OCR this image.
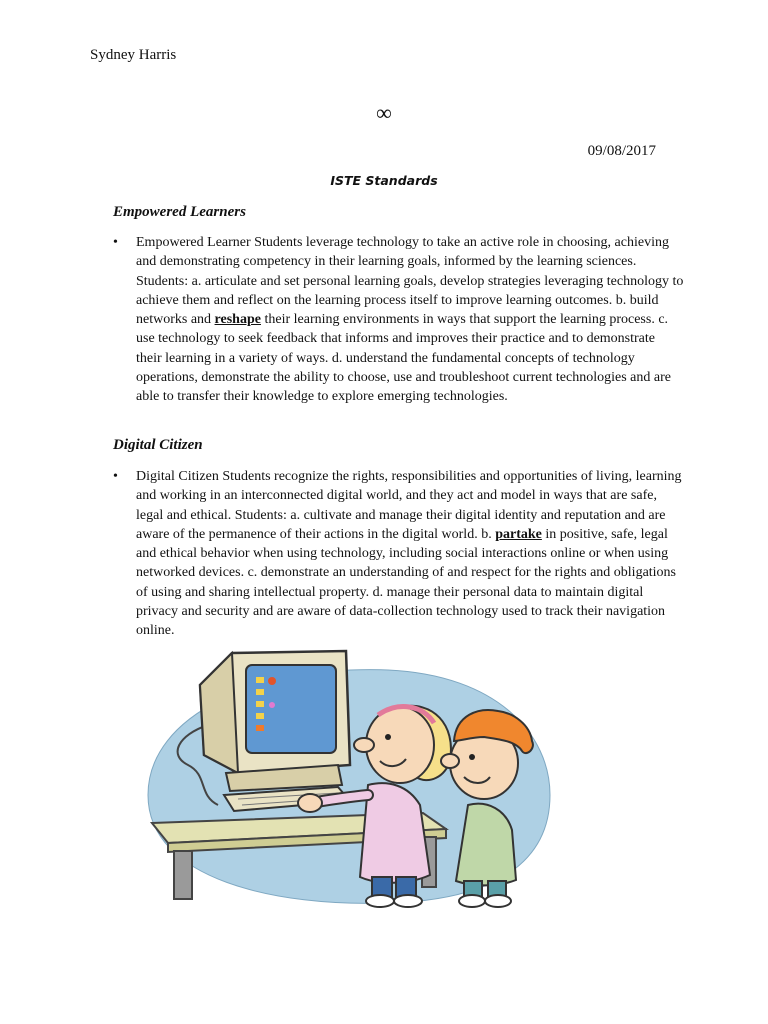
Sydney Harris
∞
09/08/2017
ISTE Standards
Empowered Learners
• Empowered Learner Students leverage technology to take an active role in choosing, achieving and demonstrating competency in their learning goals, informed by the learning sciences. Students: a. articulate and set personal learning goals, develop strategies leveraging technology to achieve them and reflect on the learning process itself to improve learning outcomes. b. build networks and reshape their learning environments in ways that support the learning process. c. use technology to seek feedback that informs and improves their practice and to demonstrate their learning in a variety of ways. d. understand the fundamental concepts of technology operations, demonstrate the ability to choose, use and troubleshoot current technologies and are able to transfer their knowledge to explore emerging technologies.
Digital Citizen
• Digital Citizen Students recognize the rights, responsibilities and opportunities of living, learning and working in an interconnected digital world, and they act and model in ways that are safe, legal and ethical. Students: a. cultivate and manage their digital identity and reputation and are aware of the permanence of their actions in the digital world. b. partake in positive, safe, legal and ethical behavior when using technology, including social interactions online or when using networked devices. c. demonstrate an understanding of and respect for the rights and obligations of using and sharing intellectual property. d. manage their personal data to maintain digital privacy and security and are aware of data-collection technology used to track their navigation online.
